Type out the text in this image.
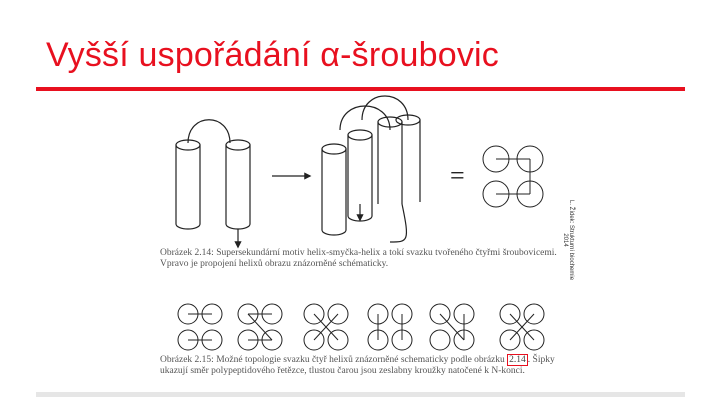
Vyšší uspořádání α-šroubovic
=
Obrázek 2.14: Supersekundární motiv helix-smyčka-helix a tokí svazku tvořeného čtyřmi šroubovicemi. Vpravo je propojení helixů obrazu znázorněné schématicky.
Obrázek 2.15: Možné topologie svazku čtyř helixů znázorněné schematicky podle obrázku 2.14 . Šipky ukazují směr polypeptidového řetězce, tlustou čarou jsou zeslabny kroužky natočené k N-konci.
L. Žídek: Strukturní biochemie
2014
